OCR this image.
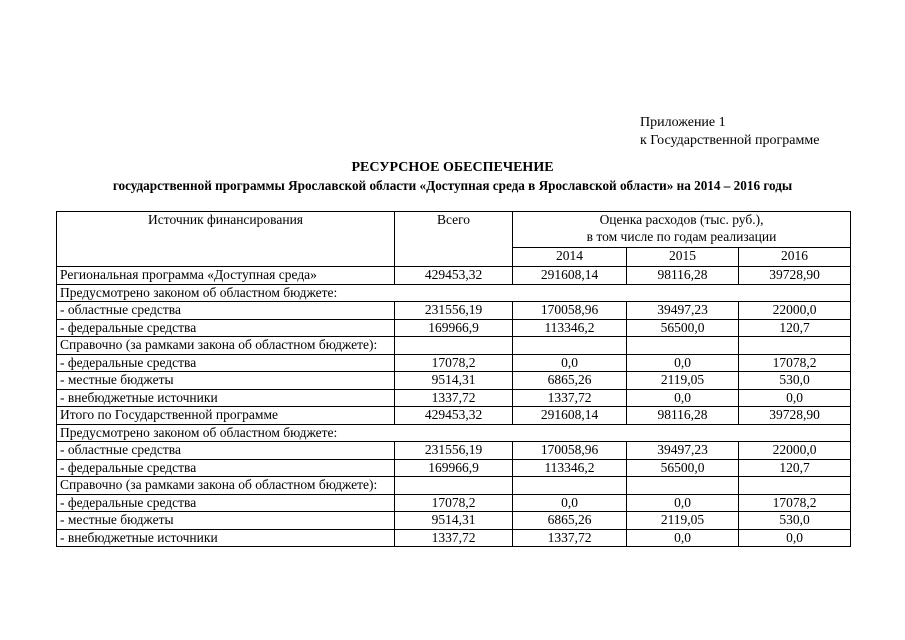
Приложение 1
к Государственной программе
РЕСУРСНОЕ ОБЕСПЕЧЕНИЕ
государственной программы Ярославской области «Доступная среда в Ярославской области» на 2014 – 2016 годы
Источник финансирования	Всего	Оценка расходов (тыс. руб.),
в том числе по годам реализации		

		2014	2015	2016
Региональная программа «Доступная среда»	429453,32	291608,14	98116,28	39728,90
Предусмотрено законом об областном бюджете:				
- областные средства	231556,19	170058,96	39497,23	22000,0
- федеральные средства	169966,9	113346,2	56500,0	120,7
Справочно (за рамками закона об областном бюджете):				
- федеральные средства	17078,2	0,0	0,0	17078,2
- местные бюджеты	9514,31	6865,26	2119,05	530,0
- внебюджетные источники	1337,72	1337,72	0,0	0,0
Итого по Государственной программе	429453,32	291608,14	98116,28	39728,90
Предусмотрено законом об областном бюджете:				
- областные средства	231556,19	170058,96	39497,23	22000,0
- федеральные средства	169966,9	113346,2	56500,0	120,7
Справочно (за рамками закона об областном бюджете):				
- федеральные средства	17078,2	0,0	0,0	17078,2
- местные бюджеты	9514,31	6865,26	2119,05	530,0
- внебюджетные источники	1337,72	1337,72	0,0	0,0
